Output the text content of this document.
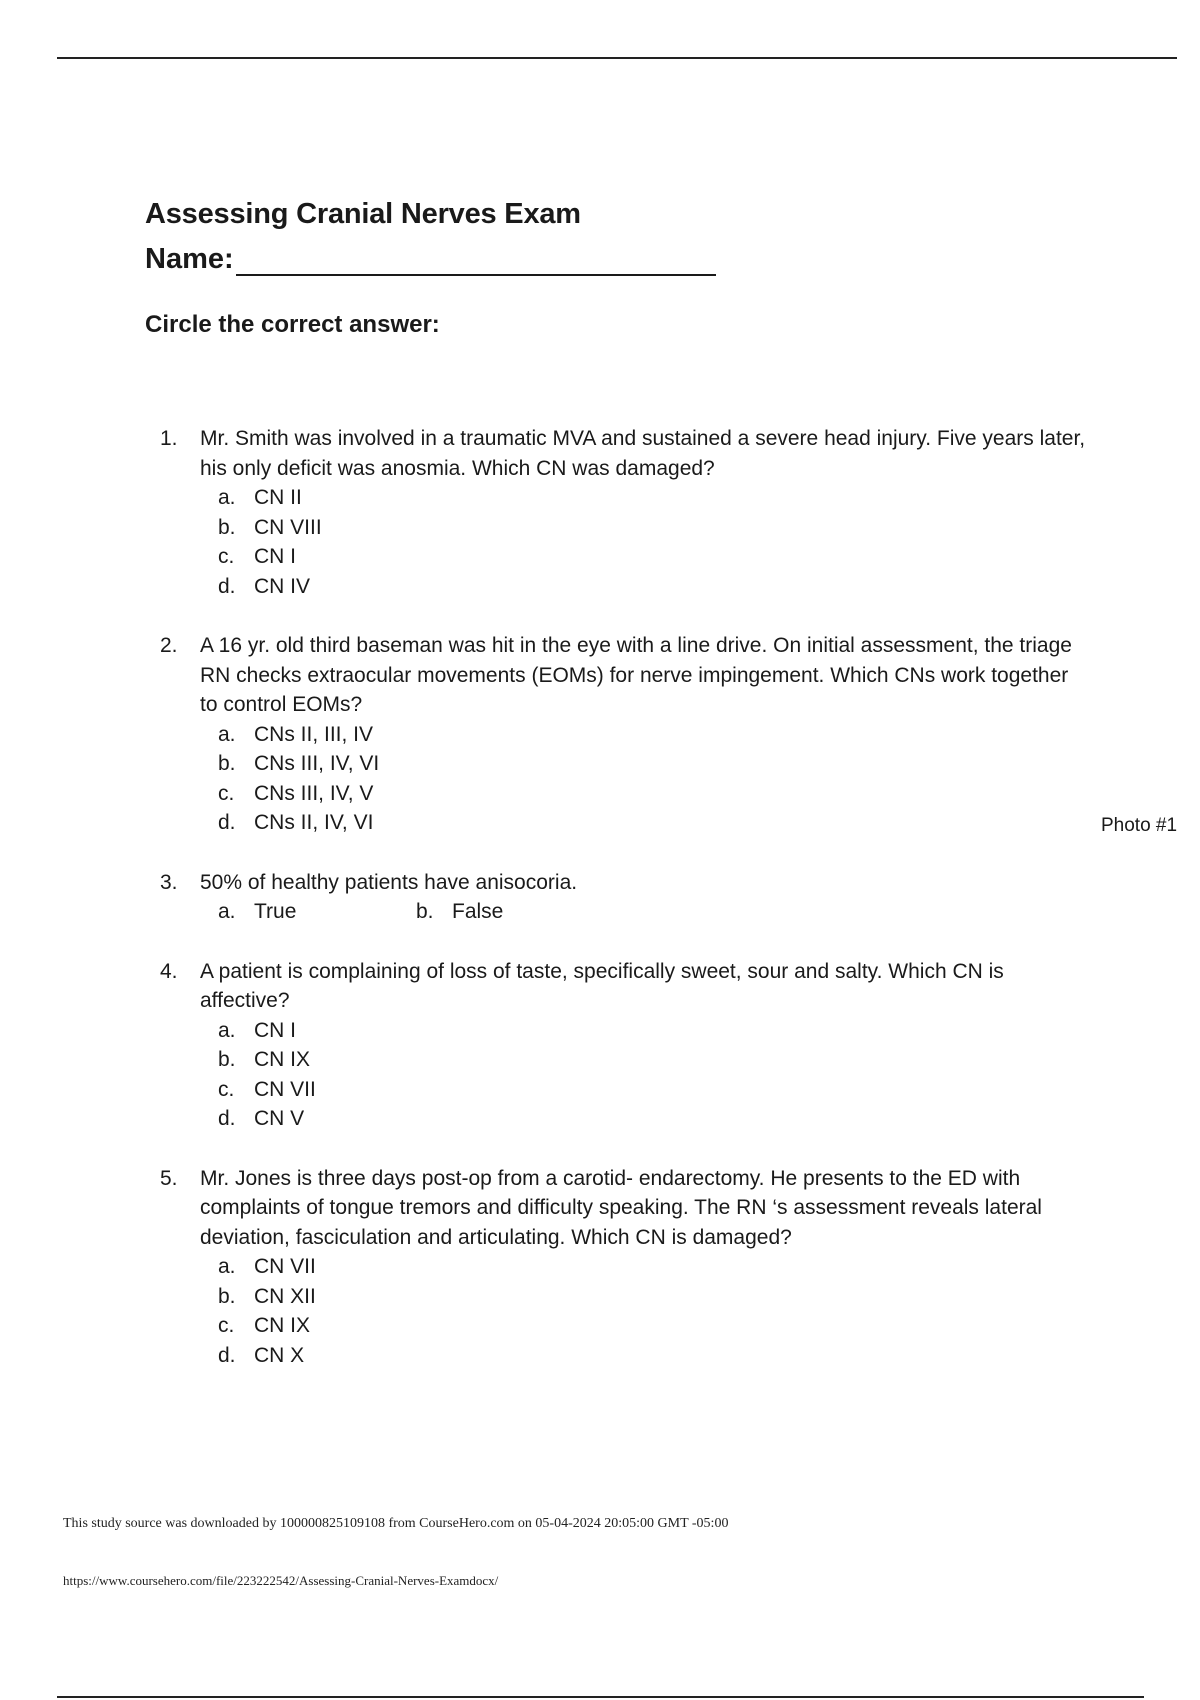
Assessing Cranial Nerves Exam
Name:
Circle the correct answer:
1. Mr. Smith was involved in a traumatic MVA and sustained a severe head injury. Five years later, his only deficit was anosmia. Which CN was damaged?
a. CN II
b. CN VIII
c. CN I
d. CN IV
2. A 16 yr. old third baseman was hit in the eye with a line drive. On initial assessment, the triage RN checks extraocular movements (EOMs) for nerve impingement. Which CNs work together to control EOMs?
a. CNs II, III, IV
b. CNs III, IV, VI
c. CNs III, IV, V
d. CNs II, IV, VI
3. 50% of healthy patients have anisocoria.
a. True	b. False
4. A patient is complaining of loss of taste, specifically sweet, sour and salty. Which CN is affective?
a. CN I
b. CN IX
c. CN VII
d. CN V
5. Mr. Jones is three days post-op from a carotid- endarectomy. He presents to the ED with complaints of tongue tremors and difficulty speaking. The RN ‘s assessment reveals lateral deviation, fasciculation and articulating. Which CN is damaged?
a. CN VII
b. CN XII
c. CN IX
d. CN X
Photo #1
This study source was downloaded by 100000825109108 from CourseHero.com on 05-04-2024 20:05:00 GMT -05:00
https://www.coursehero.com/file/223222542/Assessing-Cranial-Nerves-Examdocx/
